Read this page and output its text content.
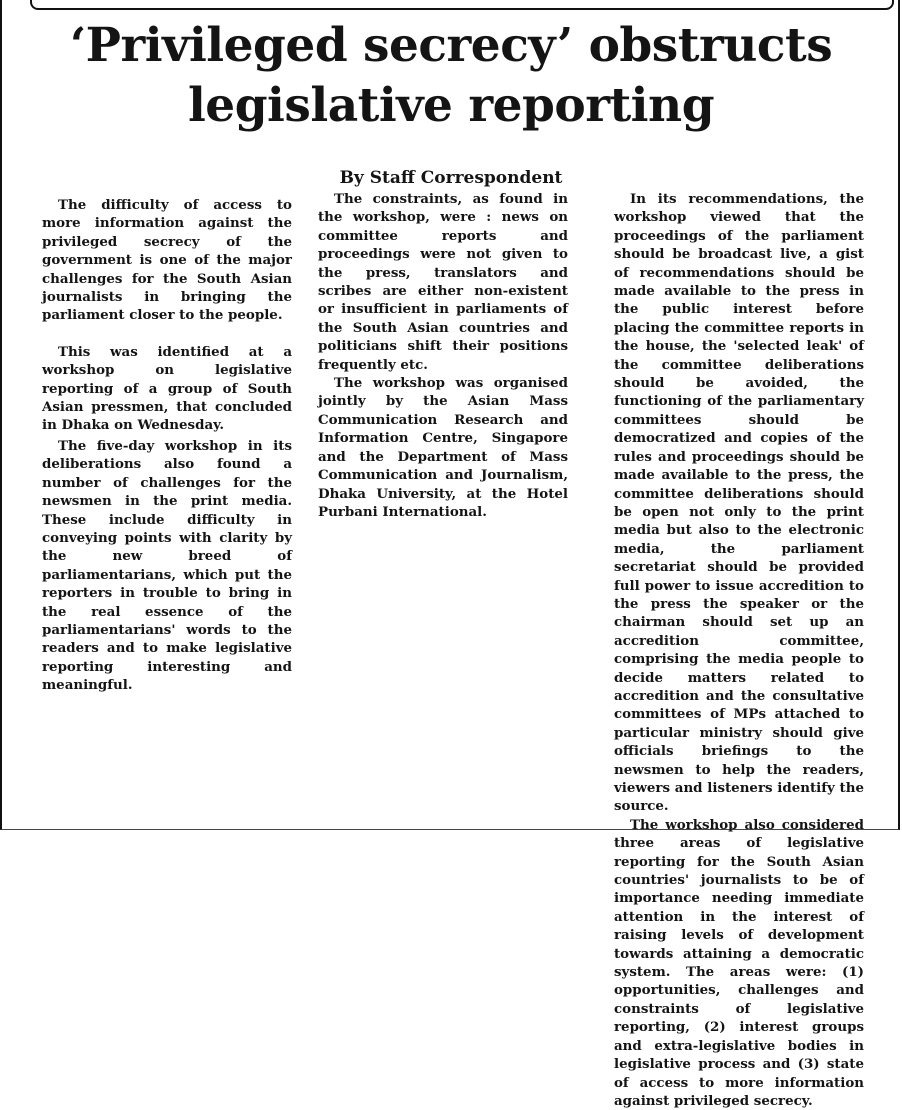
‘Privileged secrecy’ obstructs
legislative reporting
By Staff Correspondent

The difficulty of access to more information against the privileged secrecy of the government is one of the major challenges for the South Asian journalists in bringing the parliament closer to the people.

This was identified at a workshop on legislative reporting of a group of South Asian pressmen, that concluded in Dhaka on Wednesday.

The five-day workshop in its deliberations also found a number of challenges for the newsmen in the print media. These include difficulty in conveying points with clarity by the new breed of parliamentarians, which put the reporters in trouble to bring in the real essence of the parliamentarians' words to the readers and to make legislative reporting interesting and meaningful.

The constraints, as found in the workshop, were : news on committee reports and proceedings were not given to the press, translators and scribes are either non-existent or insufficient in parliaments of the South Asian countries and politicians shift their positions frequently etc.

The workshop was organised jointly by the Asian Mass Communication Research and Information Centre, Singapore and the Department of Mass Communication and Journalism, Dhaka University, at the Hotel Purbani International.

In its recommendations, the workshop viewed that the proceedings of the parliament should be broadcast live, a gist of recommendations should be made available to the press in the public interest before placing the committee reports in the house, the 'selected leak' of the committee deliberations should be avoided, the functioning of the parliamentary committees should be democratized and copies of the rules and proceedings should be made available to the press, the committee deliberations should be open not only to the print media but also to the electronic media, the parliament secretariat should be provided full power to issue accredition to the press the speaker or the chairman should set up an accredition committee, comprising the media people to decide matters related to accredition and the consultative committees of MPs attached to particular ministry should give officials briefings to the newsmen to help the readers, viewers and listeners identify the source.

The workshop also considered three areas of legislative reporting for the South Asian countries' journalists to be of importance needing immediate attention in the interest of raising levels of development towards attaining a democratic system. The areas were: (1) opportunities, challenges and constraints of legislative reporting, (2) interest groups and extra-legislative bodies in legislative process and (3) state of access to more information against privileged secrecy.
